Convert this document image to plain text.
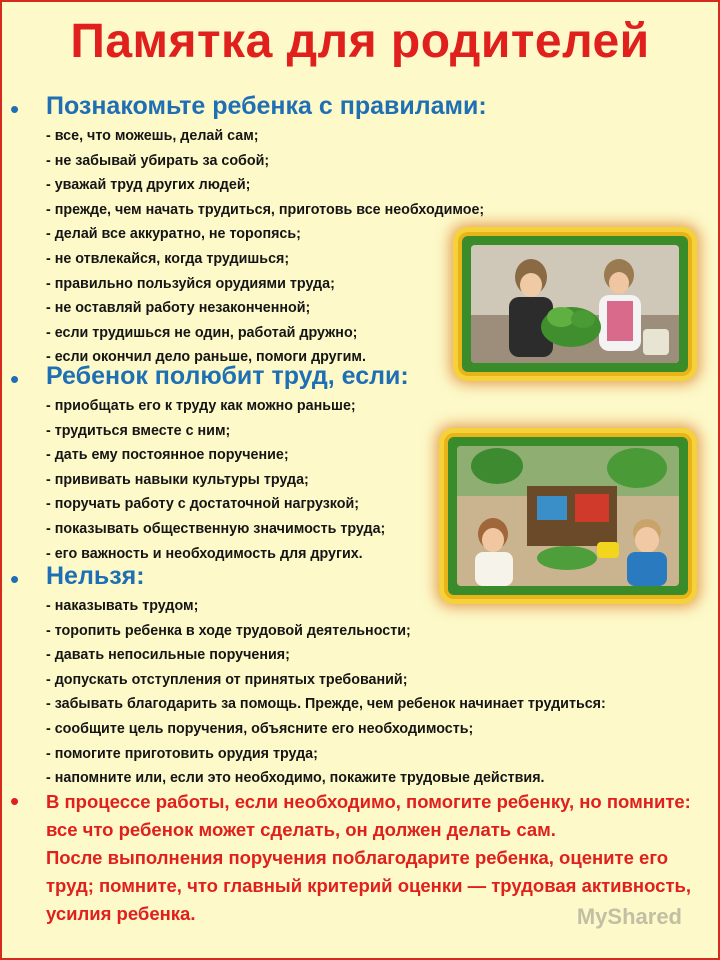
Памятка для родителей
• Познакомьте ребенка с правилами:
- все, что можешь, делай сам;
- не забывай убирать за собой;
- уважай труд других людей;
- прежде, чем начать трудиться, приготовь все необходимое;
- делай все аккуратно, не торопясь;
- не отвлекайся, когда трудишься;
- правильно пользуйся орудиями труда;
- не оставляй работу незаконченной;
- если трудишься не один, работай дружно;
- если окончил дело раньше, помоги другим.
• Ребенок полюбит труд, если:
- приобщать его к труду как можно раньше;
- трудиться вместе с ним;
- дать ему постоянное поручение;
- прививать навыки культуры труда;
- поручать работу с достаточной нагрузкой;
- показывать общественную значимость труда;
- его важность и необходимость для других.
• Нельзя:
- наказывать трудом;
- торопить ребенка в ходе трудовой деятельности;
- давать непосильные поручения;
- допускать отступления от принятых требований;
- забывать благодарить за помощь. Прежде, чем ребенок начинает трудиться:
- сообщите цель поручения, объясните его необходимость;
- помогите приготовить орудия труда;
- напомните или, если это необходимо, покажите трудовые действия.
• В процессе работы, если необходимо, помогите ребенку, но помните: все что ребенок может сделать, он должен делать сам.
После выполнения поручения поблагодарите ребенка, оцените его труд; помните, что главный критерий оценки — трудовая активность, усилия ребенка.	MyShared
